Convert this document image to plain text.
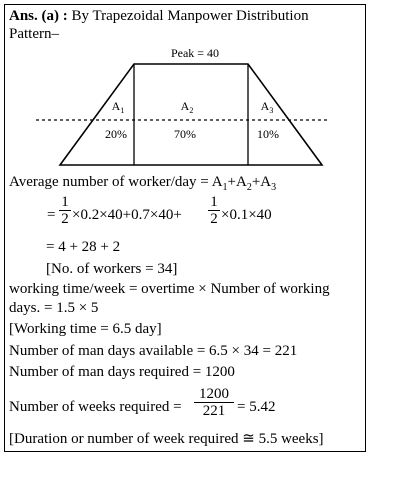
Ans. (a) : By Trapezoidal Manpower Distribution
Pattern–
Peak = 40
$A_1$	$A_2$	$A_3$
20%	70%	10%
Average number of worker/day = $A_1+A_2+A_3$
=
1
2 ×0.2×40+0.7×40+
1
2 ×0.1×40
= 4 + 28 + 2
[No. of workers = 34]
working time/week = overtime × Number of working
days. = 1.5 × 5
[Working time = 6.5 day]
Number of man days available = 6.5 × 34 = 221
Number of man days required = 1200
Number of weeks required =
1200
221 = 5.42
[Duration or number of week required ≅ 5.5 weeks]
